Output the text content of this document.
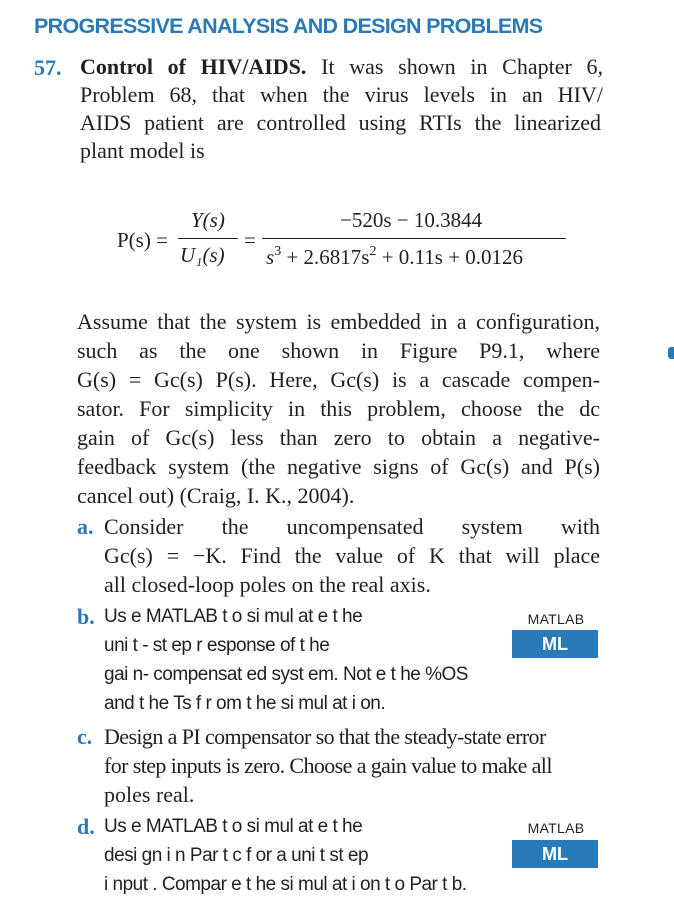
PROGRESSIVE ANALYSIS AND DESIGN PROBLEMS
57. Control of HIV/AIDS. It was shown in Chapter 6,
Problem 68, that when the virus levels in an HIV/
AIDS patient are controlled using RTIs the linearized
plant model is
P(s) =
Y(s)
U₁(s)
=
−520s − 10.3844
$s^3 + 2.6817s^2 + 0.11s + 0.0126$
Assume that the system is embedded in a configuration,
such as the one shown in Figure P9.1, where
G(s) = Gc(s) P(s). Here, Gc(s) is a cascade compen-
sator. For simplicity in this problem, choose the dc
gain of Gc(s) less than zero to obtain a negative-
feedback system (the negative signs of Gc(s) and P(s)
cancel out) (Craig, I. K., 2004).
a. Consider the uncompensated system with
Gc(s) = −K. Find the value of K that will place
all closed-loop poles on the real axis.
b. Us e MATLAB t o si mul at e t he
uni t - st ep r esponse of t he
gai n- compensat ed syst em. Not e t he %OS
and t he Ts f r om t he si mul at i on.
MATLAB
ML
c. Design a PI compensator so that the steady-state error
for step inputs is zero. Choose a gain value to make all
poles real.
d. Us e MATLAB t o si mul at e t he
desi gn i n Par t c f or a uni t st ep
i nput . Compar e t he si mul at i on t o Par t b.
MATLAB
ML
